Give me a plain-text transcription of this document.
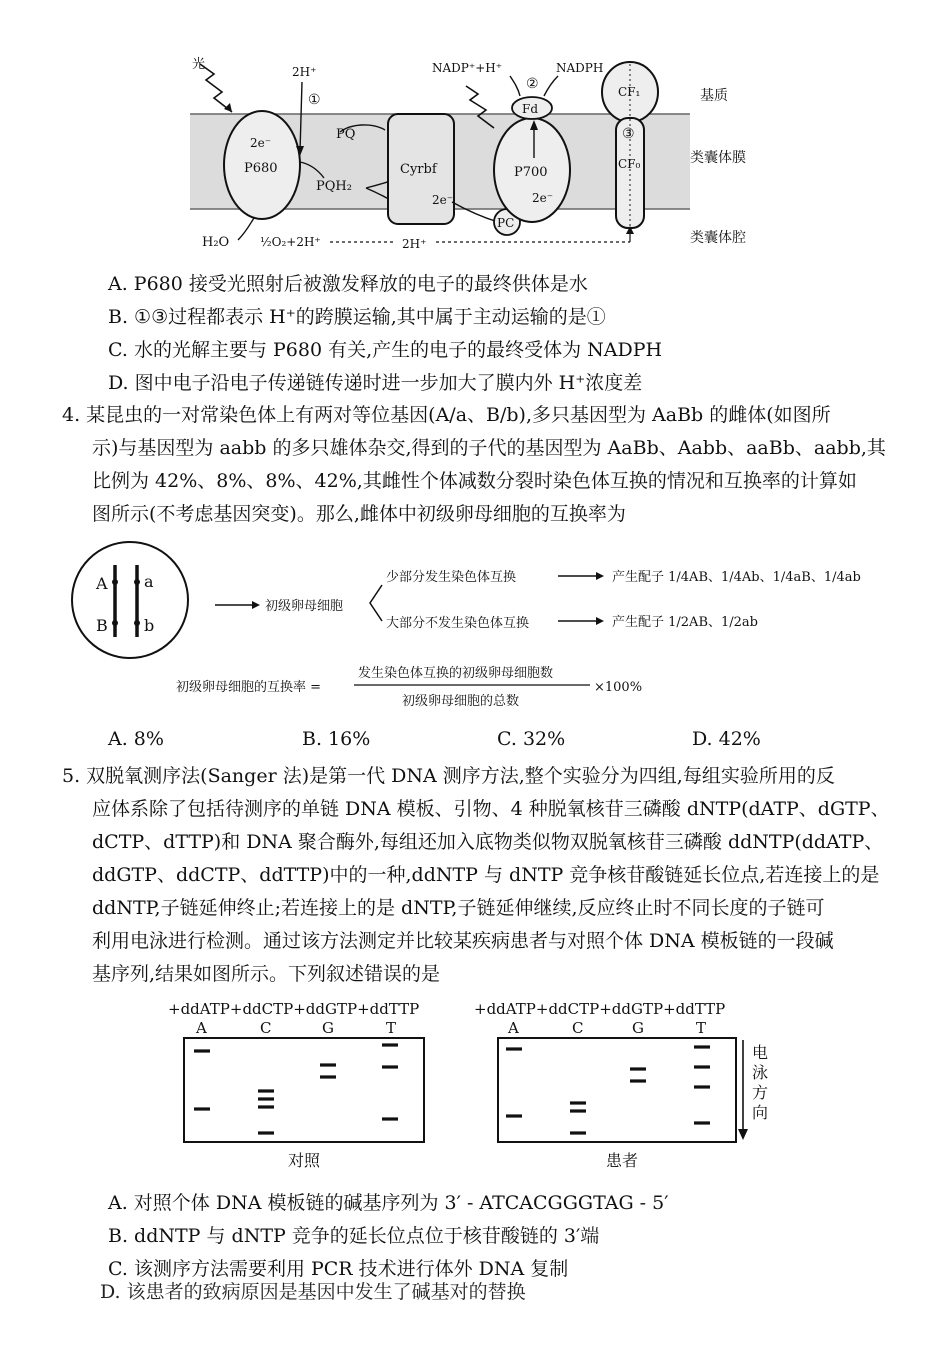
光
2e⁻
P680
2H⁺
①
PQ
PQH₂
Cyrbf
2e⁻
PC
P700
2e⁻
Fd
②
NADP⁺+H⁺	NADPH
CF₁
③
CF₀
H₂O	½O₂+2H⁺	2H⁺
基质
类囊体膜
类囊体腔
A. P680 接受光照射后被激发释放的电子的最终供体是水
B. ①③过程都表示 H⁺的跨膜运输,其中属于主动运输的是①
C. 水的光解主要与 P680 有关,产生的电子的最终受体为 NADPH
D. 图中电子沿电子传递链传递时进一步加大了膜内外 H⁺浓度差
4. 某昆虫的一对常染色体上有两对等位基因(A/a、B/b),多只基因型为 AaBb 的雌体(如图所
示)与基因型为 aabb 的多只雄体杂交,得到的子代的基因型为 AaBb、Aabb、aaBb、aabb,其
比例为 42%、8%、8%、42%,其雌性个体减数分裂时染色体互换的情况和互换率的计算如
图所示(不考虑基因突变)。那么,雌体中初级卵母细胞的互换率为
A a
B b
初级卵母细胞
少部分发生染色体互换
大部分不发生染色体互换
产生配子 1/4AB、1/4Ab、1/4aB、1/4ab
产生配子 1/2AB、1/2ab
初级卵母细胞的互换率 =
发生染色体互换的初级卵母细胞数
初级卵母细胞的总数
×100%
A. 8%	B. 16%	C. 32%	D. 42%
5. 双脱氧测序法(Sanger 法)是第一代 DNA 测序方法,整个实验分为四组,每组实验所用的反
应体系除了包括待测序的单链 DNA 模板、引物、4 种脱氧核苷三磷酸 dNTP(dATP、dGTP、
dCTP、dTTP)和 DNA 聚合酶外,每组还加入底物类似物双脱氧核苷三磷酸 ddNTP(ddATP、
ddGTP、ddCTP、ddTTP)中的一种,ddNTP 与 dNTP 竞争核苷酸链延长位点,若连接上的是
ddNTP,子链延伸终止;若连接上的是 dNTP,子链延伸继续,反应终止时不同长度的子链可
利用电泳进行检测。通过该方法测定并比较某疾病患者与对照个体 DNA 模板链的一段碱
基序列,结果如图所示。下列叙述错误的是
+ddATP+ddCTP+ddGTP+ddTTP
A	C	G	T
对照
+ddATP+ddCTP+ddGTP+ddTTP
A	C	G	T
患者
电
泳
方
向
A. 对照个体 DNA 模板链的碱基序列为 3′ - ATCACGGGTAG - 5′
B. ddNTP 与 dNTP 竞争的延长位点位于核苷酸链的 3′端
C. 该测序方法需要利用 PCR 技术进行体外 DNA 复制
D. 该患者的致病原因是基因中发生了碱基对的替换
